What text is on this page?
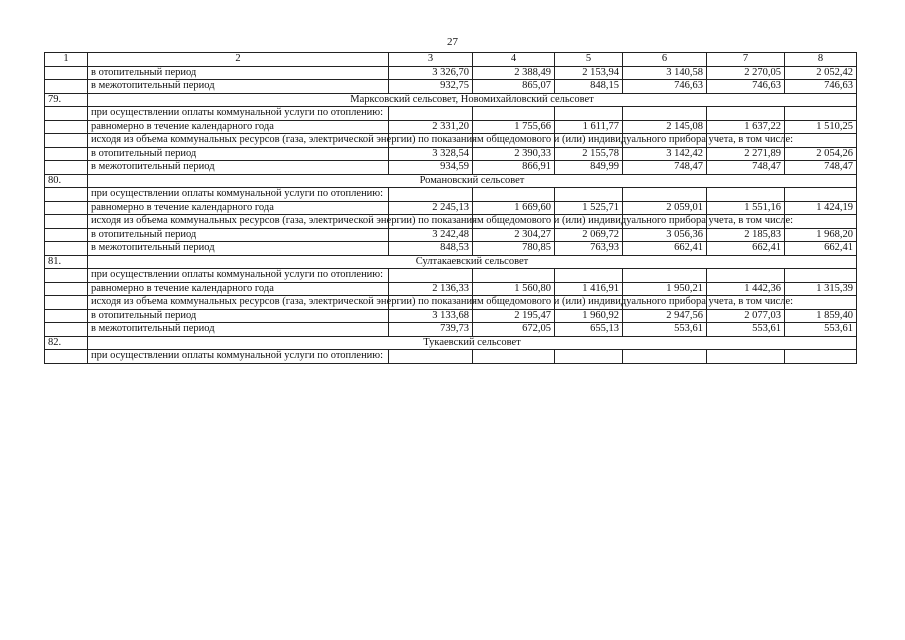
27
1	2	3	4	5	6	7	8
	в отопительный период	3 326,70	2 388,49	2 153,94	3 140,58	2 270,05	2 052,42
	в межотопительный период	932,75	865,07	848,15	746,63	746,63	746,63
79.	Марксовский сельсовет, Новомихайловский сельсовет						
	при осуществлении оплаты коммунальной услуги по отоплению:						
	равномерно в течение календарного года	2 331,20	1 755,66	1 611,77	2 145,08	1 637,22	1 510,25
	исходя из объема коммунальных ресурсов (газа, электрической энергии) по показаниям общедомового и (или) индивидуального прибора учета, в том числе:						
	в отопительный период	3 328,54	2 390,33	2 155,78	3 142,42	2 271,89	2 054,26
	в межотопительный период	934,59	866,91	849,99	748,47	748,47	748,47
80.	Романовский сельсовет						
	при осуществлении оплаты коммунальной услуги по отоплению:						
	равномерно в течение календарного года	2 245,13	1 669,60	1 525,71	2 059,01	1 551,16	1 424,19
	исходя из объема коммунальных ресурсов (газа, электрической энергии) по показаниям общедомового и (или) индивидуального прибора учета, в том числе:						
	в отопительный период	3 242,48	2 304,27	2 069,72	3 056,36	2 185,83	1 968,20
	в межотопительный период	848,53	780,85	763,93	662,41	662,41	662,41
81.	Султакаевский сельсовет						
	при осуществлении оплаты коммунальной услуги по отоплению:						
	равномерно в течение календарного года	2 136,33	1 560,80	1 416,91	1 950,21	1 442,36	1 315,39
	исходя из объема коммунальных ресурсов (газа, электрической энергии) по показаниям общедомового и (или) индивидуального прибора учета, в том числе:						
	в отопительный период	3 133,68	2 195,47	1 960,92	2 947,56	2 077,03	1 859,40
	в межотопительный период	739,73	672,05	655,13	553,61	553,61	553,61
82.	Тукаевский сельсовет						
	при осуществлении оплаты коммунальной услуги по отоплению:						
